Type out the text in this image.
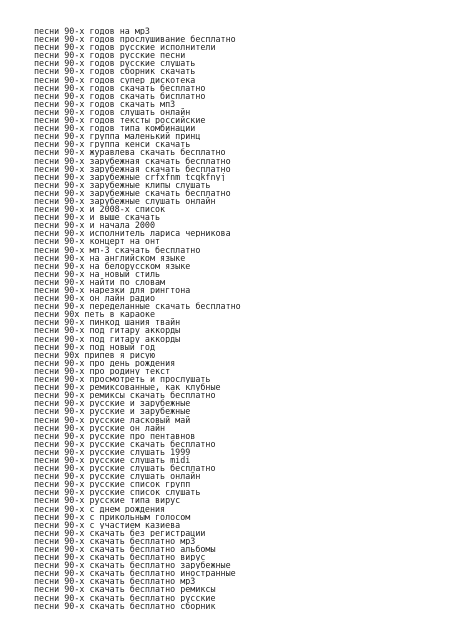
песни 90-х годов на мр3
песни 90-х годов прослушивание бесплатно
песни 90-х годов русские исполнители
песни 90-х годов русские песни
песни 90-х годов русские слушать
песни 90-х годов сборник скачать
песни 90-х годов супер дискотека
песни 90-х годов скачать бесплатно
песни 90-х годов скачать бисплатно
песни 90-х годов скачать мп3
песни 90-х годов слушать онлайн
песни 90-х годов тексты российские
песни 90-х годов типа комбинации
песни 90-х группа маленький принц
песни 90-х группа кенси скачать
песни 90-х журавлева скачать бесплатно
песни 90-х зарубежная скачать бесплатно
песни 90-х зарубежная скачать бесплатно
песни 90-х зарубежные crfxfnm tcgkfnyj
песни 90-х зарубежные клипы слушать
песни 90-х зарубежные скачать бесплатно
песни 90-х зарубежные слушать онлайн
песни 90-х и 2008-х список
песни 90-х и выше скачать
песни 90-х и начала 2000
песни 90-х исполнитель лариса черникова
песни 90-х концерт на онт
песни 90-х мп-3 скачать бесплатно
песни 90-х на английском языке
песни 90-х на белорусском языке
песни 90-х на новый стиль
песни 90-х найти по словам
песни 90-х нарезки для рингтона
песни 90-х он лайн радио
песни 90-х переделанные скачать бесплатно
песни 90х петь в караоке
песни 90-х пинкод шания твайн
песни 90-х под гитару аккорды
песни 90-х под гитару аккорды
песни 90-х под новый год
песни 90х припев я рисую
песни 90-х про день рождения
песни 90-х про родину текст
песни 90-х просмотреть и прослушать
песни 90-х ремиксованные, как клубные
песни 90-х ремиксы скачать бесплатно
песни 90-х русские и зарубежные
песни 90-х русские и зарубежные
песни 90-х русские ласковый май
песни 90-х русские он лайн
песни 90-х русские про пентавнов
песни 90-х русские скачать бесплатно
песни 90-х русские слушать 1999
песни 90-х русские слушать midi
песни 90-х русские слушать бесплатно
песни 90-х русские слушать онлайн
песни 90-х русские список групп
песни 90-х русские список слушать
песни 90-х русские типа вирус
песни 90-х с днем рождения
песни 90-х с прикольным голосом
песни 90-х с участием казиева
песни 90-х скачать без регистрации
песни 90-х скачать бесплатно мр3
песни 90-х скачать бесплатно альбомы
песни 90-х скачать бесплатно вирус
песни 90-х скачать бесплатно зарубежные
песни 90-х скачать бесплатно иностранные
песни 90-х скачать бесплатно мр3
песни 90-х скачать бесплатно ремиксы
песни 90-х скачать бесплатно русские
песни 90-х скачать бесплатно сборник
